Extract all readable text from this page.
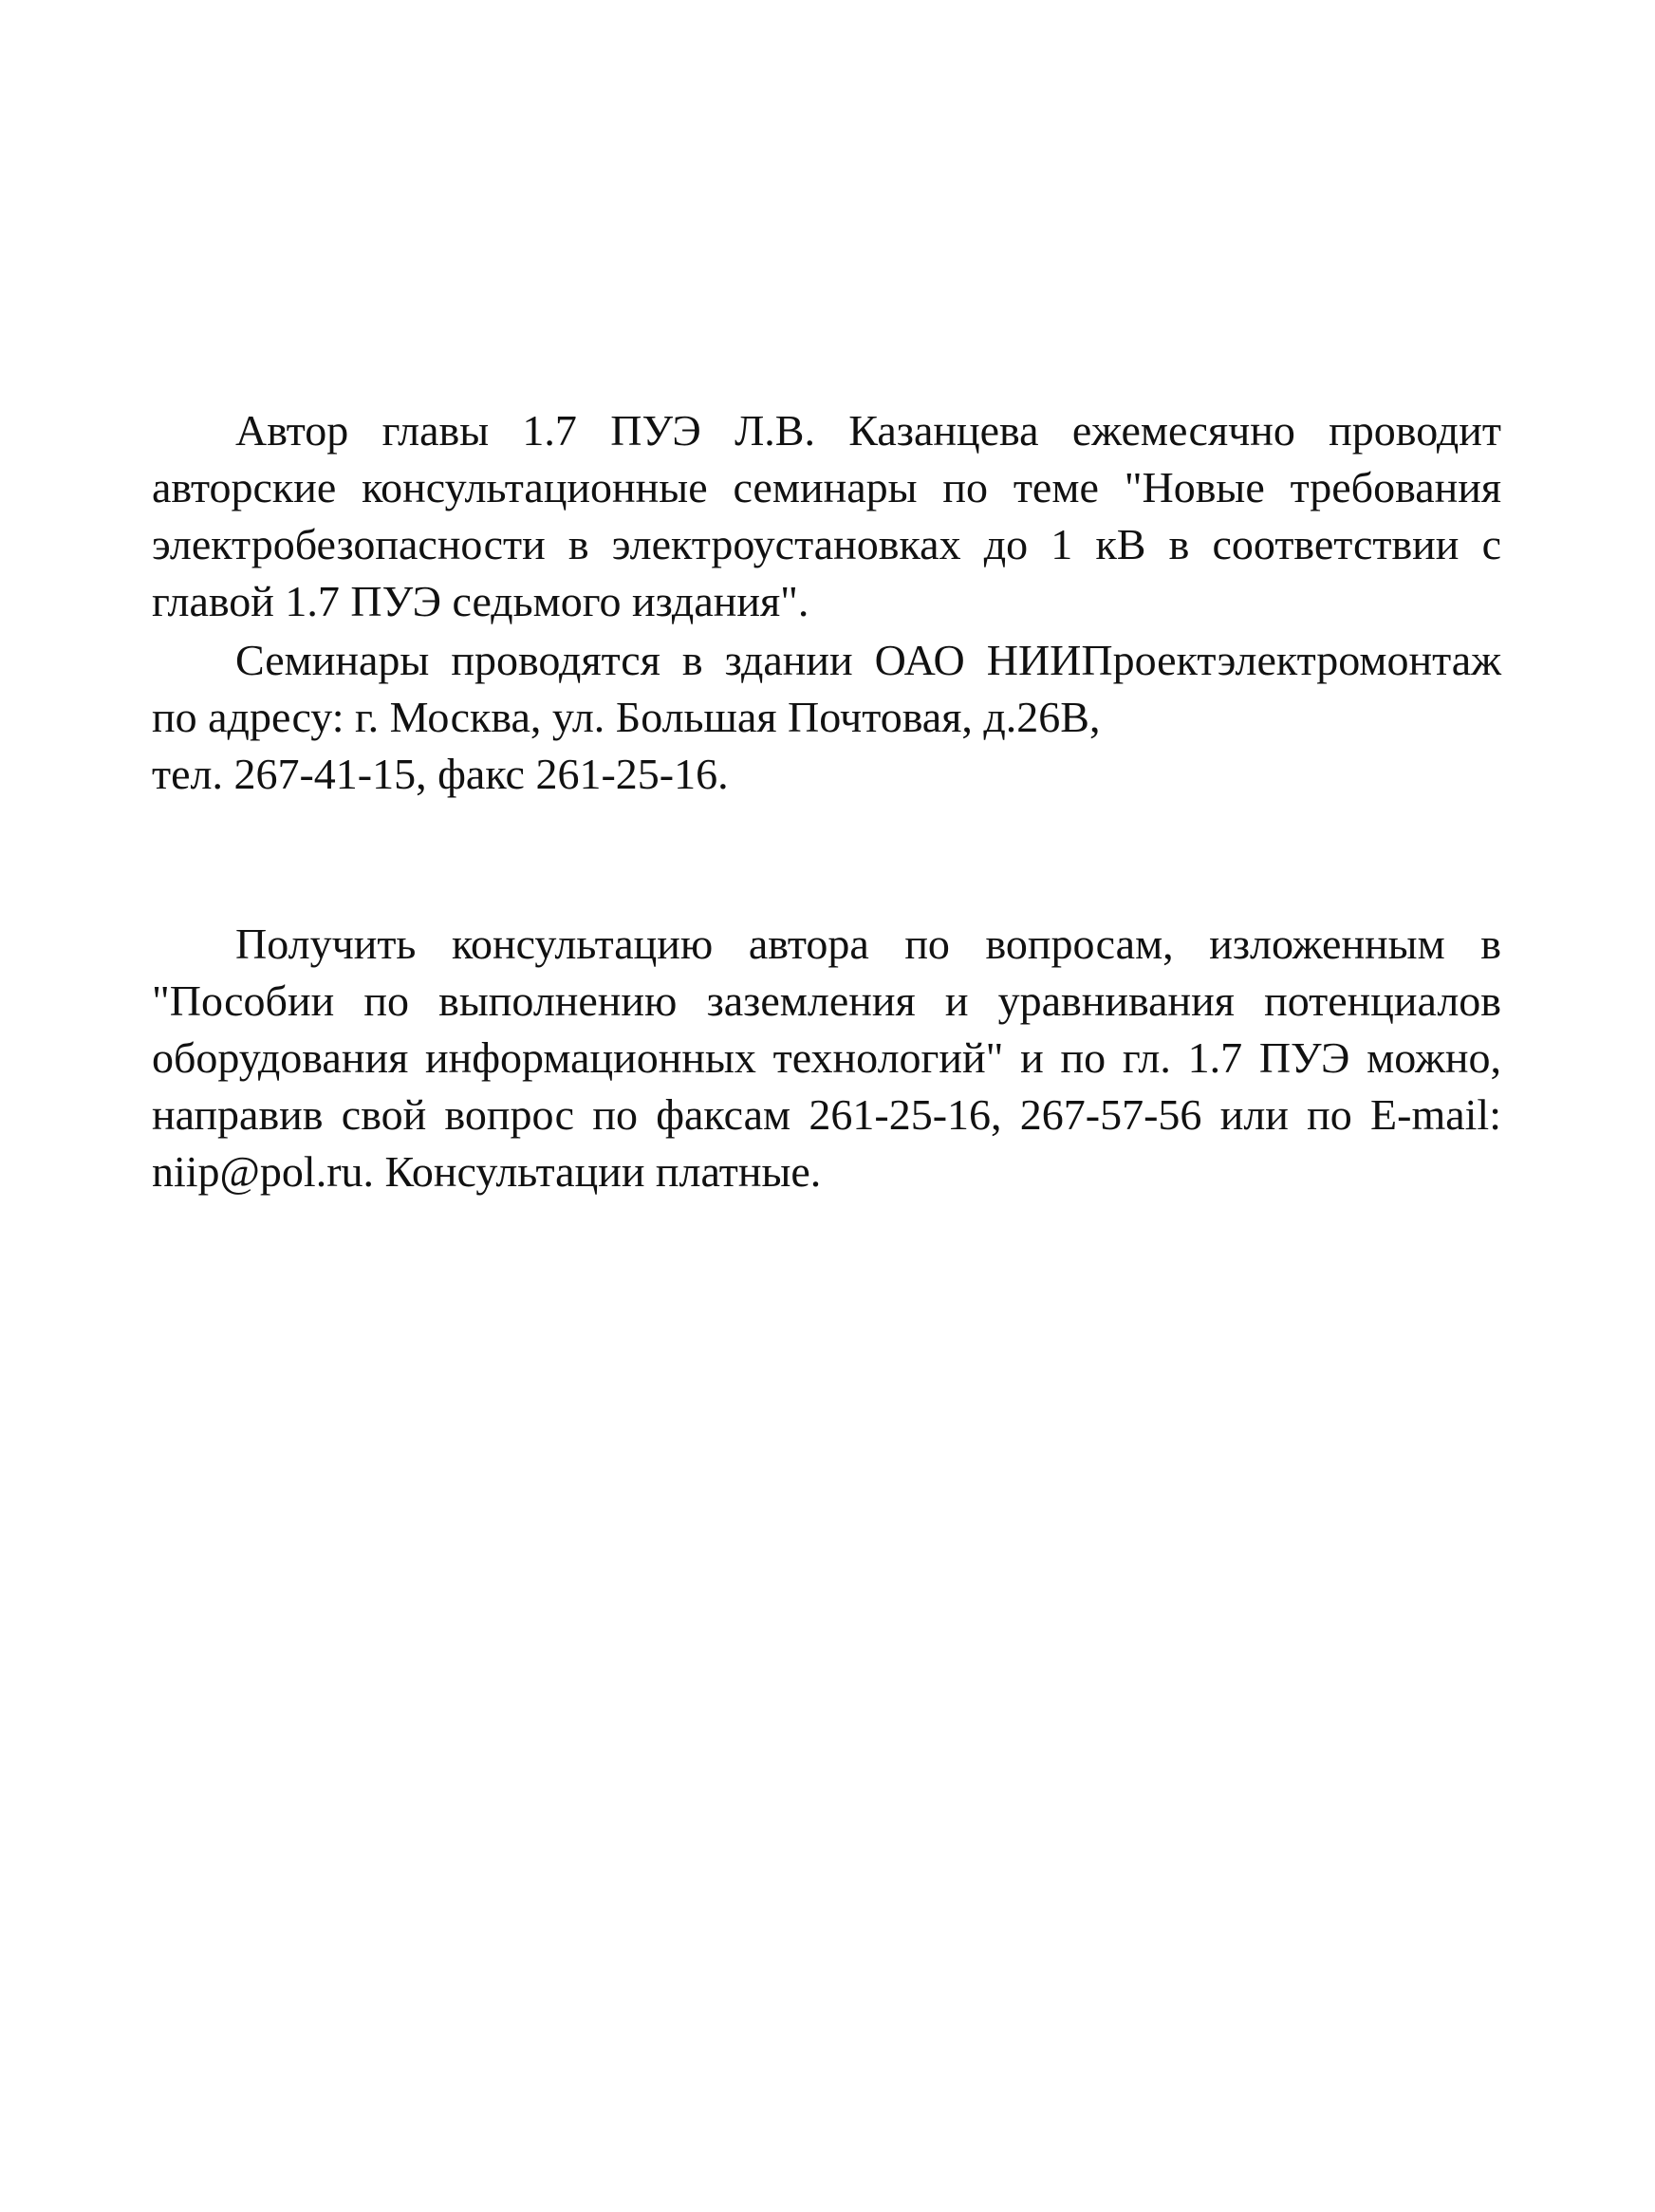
Автор главы 1.7 ПУЭ Л.В. Казанцева ежемесячно проводит авторские консультационные семинары по теме "Новые требования электробезопасности в электроустановках до 1 кВ в соответствии с главой 1.7 ПУЭ седьмого издания".

Семинары проводятся в здании ОАО НИИПроектэлектромонтаж по адресу: г. Москва, ул. Большая Почтовая, д.26В,

тел. 267-41-15, факс 261-25-16.

Получить консультацию автора по вопросам, изложенным в "Пособии по выполнению заземления и уравнивания потенциалов оборудования информационных технологий" и по гл. 1.7 ПУЭ можно, направив свой вопрос по факсам 261-25-16, 267-57-56 или по E-mail: niip@pol.ru. Консультации платные.
